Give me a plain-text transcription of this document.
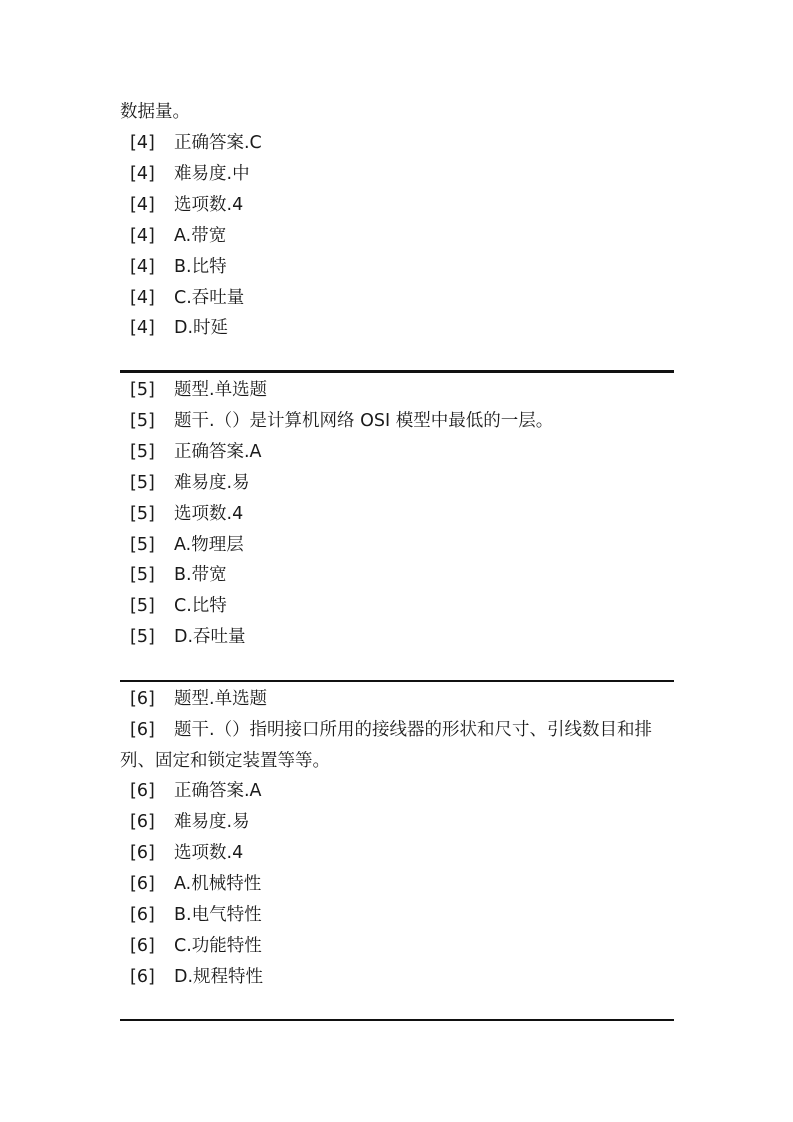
数据量。
[4] 正确答案.C
[4] 难易度.中
[4] 选项数.4
[4] A.带宽
[4] B.比特
[4] C.吞吐量
[4] D.时延
[5] 题型.单选题
[5] 题干.（）是计算机网络 OSI 模型中最低的一层。
[5] 正确答案.A
[5] 难易度.易
[5] 选项数.4
[5] A.物理层
[5] B.带宽
[5] C.比特
[5] D.吞吐量
[6] 题型.单选题
[6] 题干.（）指明接口所用的接线器的形状和尺寸、引线数目和排
列、固定和锁定装置等等。
[6] 正确答案.A
[6] 难易度.易
[6] 选项数.4
[6] A.机械特性
[6] B.电气特性
[6] C.功能特性
[6] D.规程特性
